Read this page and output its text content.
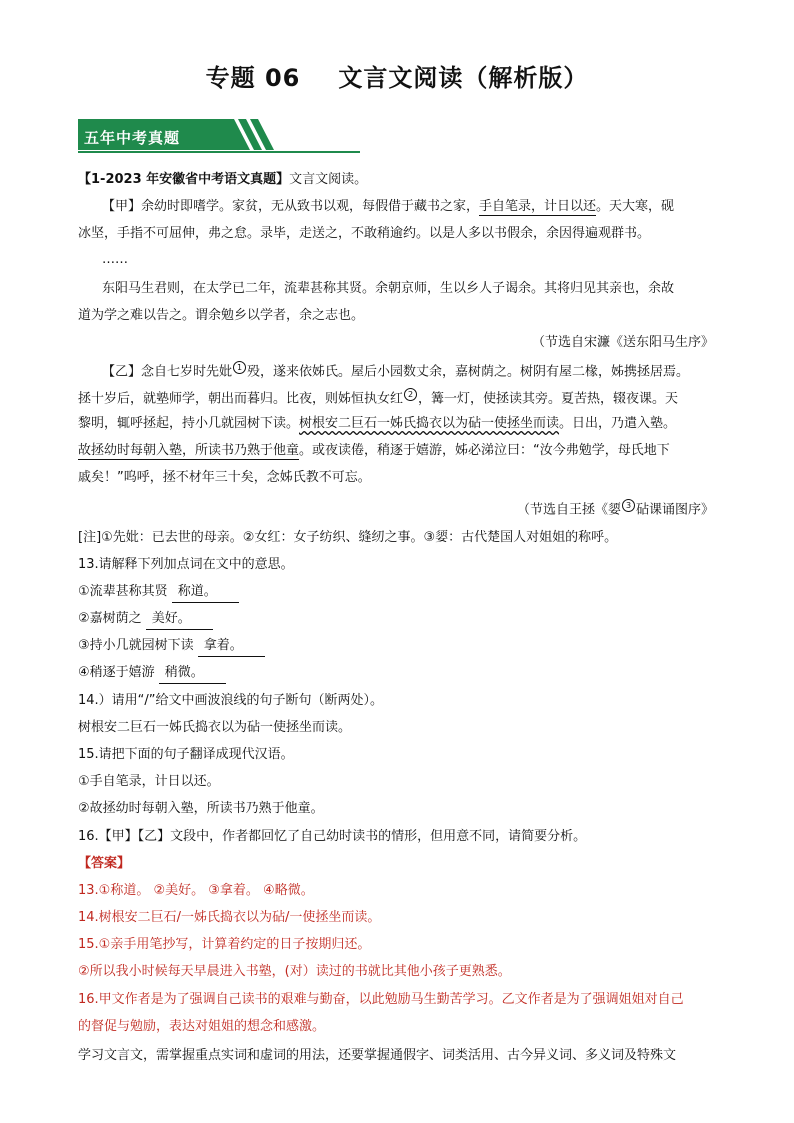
专题 06 文言文阅读（解析版）
五年中考真题
【1-2023 年安徽省中考语文真题】文言文阅读。
【甲】余幼时即嗜学。家贫，无从致书以观，每假借于藏书之家，手自笔录，计日以还。天大寒，砚
冰坚，手指不可屈伸，弗之怠。录毕，走送之，不敢稍逾约。以是人多以书假余，余因得遍观群书。
……
东阳马生君则，在太学已二年，流辈甚称其贤。余朝京师，生以乡人子谒余。其将归见其亲也，余故
道为学之难以告之。谓余勉乡以学者，余之志也。
（节选自宋濂《送东阳马生序》
【乙】念自七岁时先妣 1 殁，遂来依姊氏。屋后小园数丈余，嘉树荫之。树阴有屋二椽，姊携拯居焉。
拯十岁后，就塾师学，朝出而暮归。比夜，则姊恒执女红 2 ，篝一灯，使拯读其旁。夏苦热，辍夜课。天
黎明，辄呼拯起，持小几就园树下读。树根安二巨石一姊氏捣衣以为砧一使拯坐而读。日出，乃遣入塾。
故拯幼时每朝入塾，所读书乃熟于他童。或夜读倦，稍逐于嬉游，姊必涕泣曰：“汝今弗勉学，母氏地下
戚矣！”呜呼，拯不材年三十矣，念姊氏教不可忘。
（节选自王拯《媭 3 砧课诵图序》
[注]①先妣：已去世的母亲。②女红：女子纺织、缝纫之事。③媭：古代楚国人对姐姐的称呼。
13.请解释下列加点词在文中的意思。
①流辈甚称其贤 称道。
②嘉树荫之 美好。
③持小几就园树下读 拿着。
④稍逐于嬉游 稍微。
14.）请用“/”给文中画波浪线的句子断句（断两处）。
树根安二巨石一姊氏捣衣以为砧一使拯坐而读。
15.请把下面的句子翻译成现代汉语。
①手自笔录，计日以还。
②故拯幼时每朝入塾，所读书乃熟于他童。
16.【甲】【乙】文段中，作者都回忆了自己幼时读书的情形，但用意不同，请简要分析。
【答案】
13.①称道。 ②美好。 ③拿着。 ④略微。
14.树根安二巨石/一姊氏捣衣以为砧/一使拯坐而读。
15.①亲手用笔抄写，计算着约定的日子按期归还。
②所以我小时候每天早晨进入书塾，(对）读过的书就比其他小孩子更熟悉。
16.甲文作者是为了强调自己读书的艰难与勤奋，以此勉励马生勤苦学习。乙文作者是为了强调姐姐对自己
的督促与勉励，表达对姐姐的想念和感激。
学习文言文，需掌握重点实词和虚词的用法，还要掌握通假字、词类活用、古今异义词、多义词及特殊文
